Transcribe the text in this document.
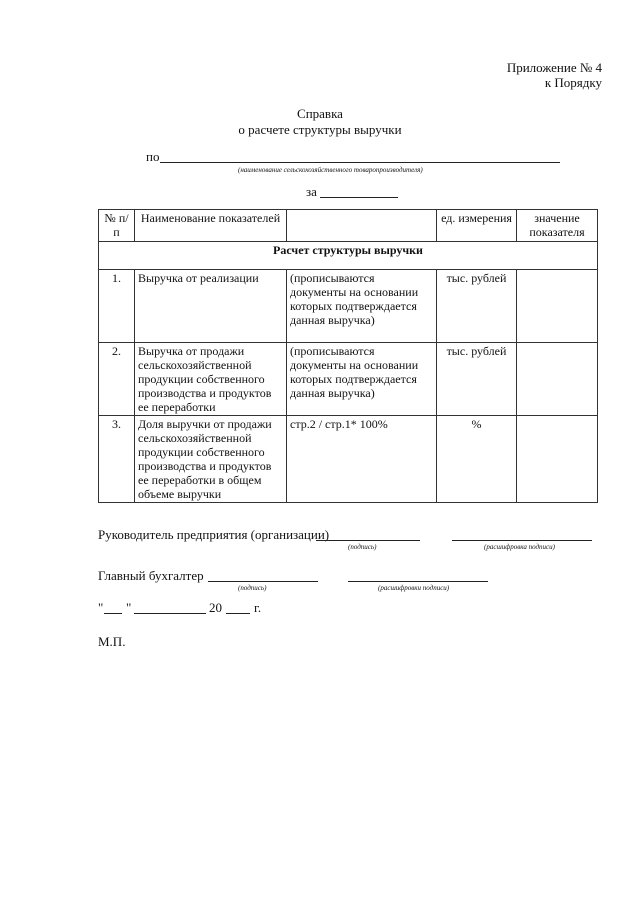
Приложение № 4
к Порядку
Справка
о расчете структуры выручки
по
(наименование сельскохозяйственного товаропроизводителя)
за
№ п/п	Наименование показателей		ед. измерения	значение показателя
Расчет структуры выручки				
1.	Выручка от реализации	(прописываются документы на основании которых подтверждается данная выручка)	тыс. рублей	
2.	Выручка от продажи сельскохозяйственной продукции собственного производства и продуктов ее переработки	(прописываются документы на основании которых подтверждается данная выручка)	тыс. рублей	
3.	Доля выручки от продажи сельскохозяйственной продукции собственного производства и продуктов ее переработки в общем объеме выручки	стр.2 / стр.1* 100%	%	
Руководитель предприятия (организации)
(подпись)	(расшифровка подписи)
Главный бухгалтер
(подпись)	(расшифровки подписи)
" "	20 г.
М.П.
